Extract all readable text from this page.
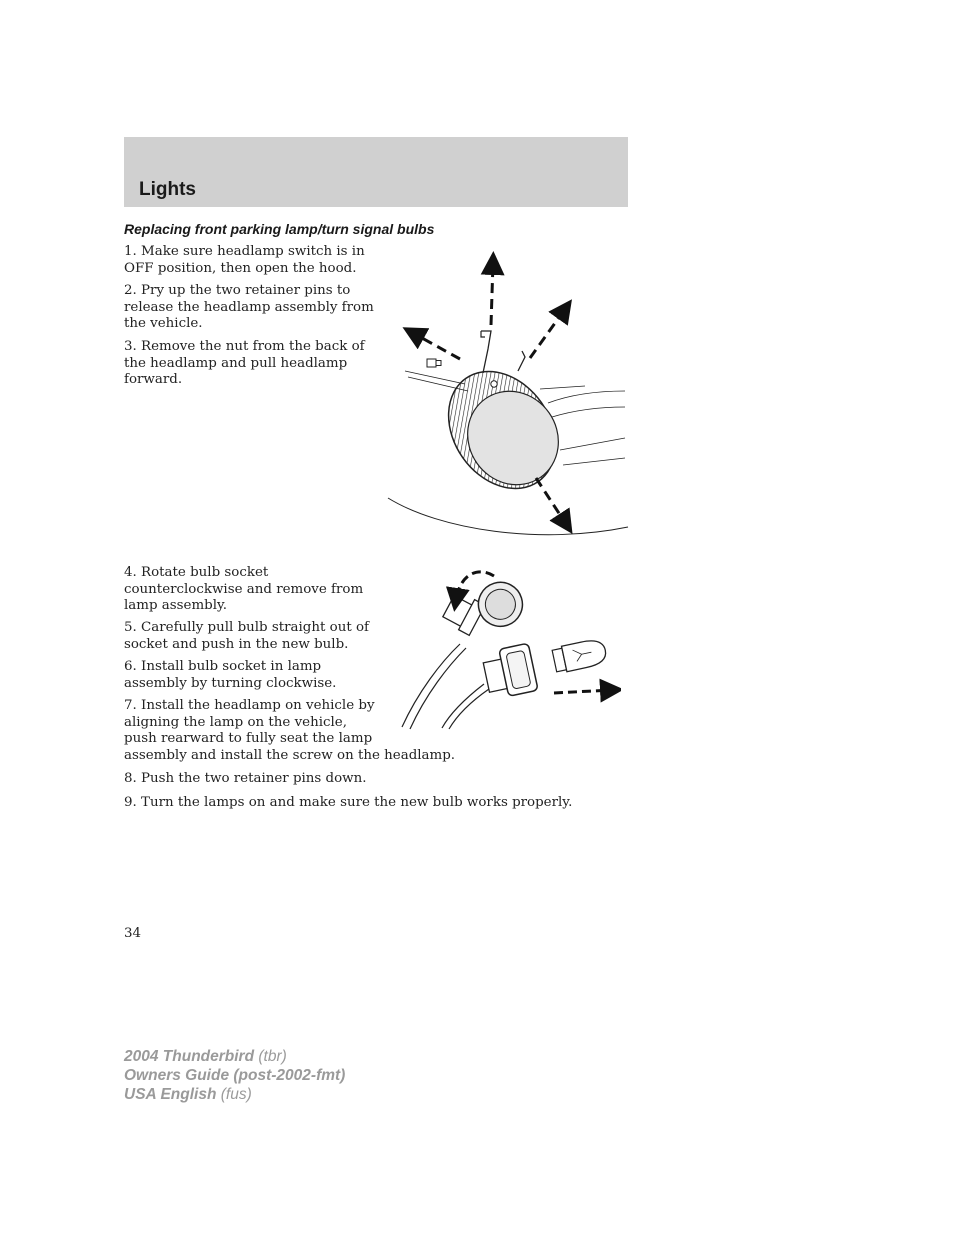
Lights
Replacing front parking lamp/turn signal bulbs
1. Make sure headlamp switch is in
OFF position, then open the hood.
2. Pry up the two retainer pins to
release the headlamp assembly from
the vehicle.
3. Remove the nut from the back of
the headlamp and pull headlamp
forward.
4. Rotate bulb socket
counterclockwise and remove from
lamp assembly.
5. Carefully pull bulb straight out of
socket and push in the new bulb.
6. Install bulb socket in lamp
assembly by turning clockwise.
7. Install the headlamp on vehicle by
aligning the lamp on the vehicle,
push rearward to fully seat the lamp
assembly and install the screw on the headlamp.
8. Push the two retainer pins down.
9. Turn the lamps on and make sure the new bulb works properly.
34
2004 Thunderbird (tbr)
Owners Guide (post-2002-fmt)
USA English (fus)
